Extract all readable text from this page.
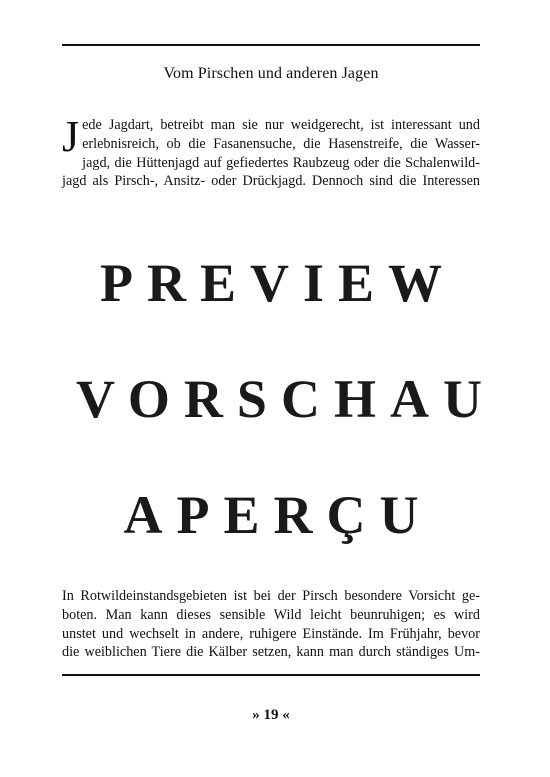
Vom Pirschen und anderen Jagen
J ede Jagdart, betreibt man sie nur weidgerecht, ist interessant und
erlebnisreich, ob die Fasanensuche, die Hasenstreife, die Wasser-
jagd, die Hüttenjagd auf gefiedertes Raubzeug oder die Schalenwild-
jagd als Pirsch-, Ansitz- oder Drückjagd. Dennoch sind die Interessen
PREVIEW
VORSCHAU
APERÇU
In Rotwildeinstandsgebieten ist bei der Pirsch besondere Vorsicht ge-
boten. Man kann dieses sensible Wild leicht beunruhigen; es wird
unstet und wechselt in andere, ruhigere Einstände. Im Frühjahr, bevor
die weiblichen Tiere die Kälber setzen, kann man durch ständiges Um-
» 19 «
